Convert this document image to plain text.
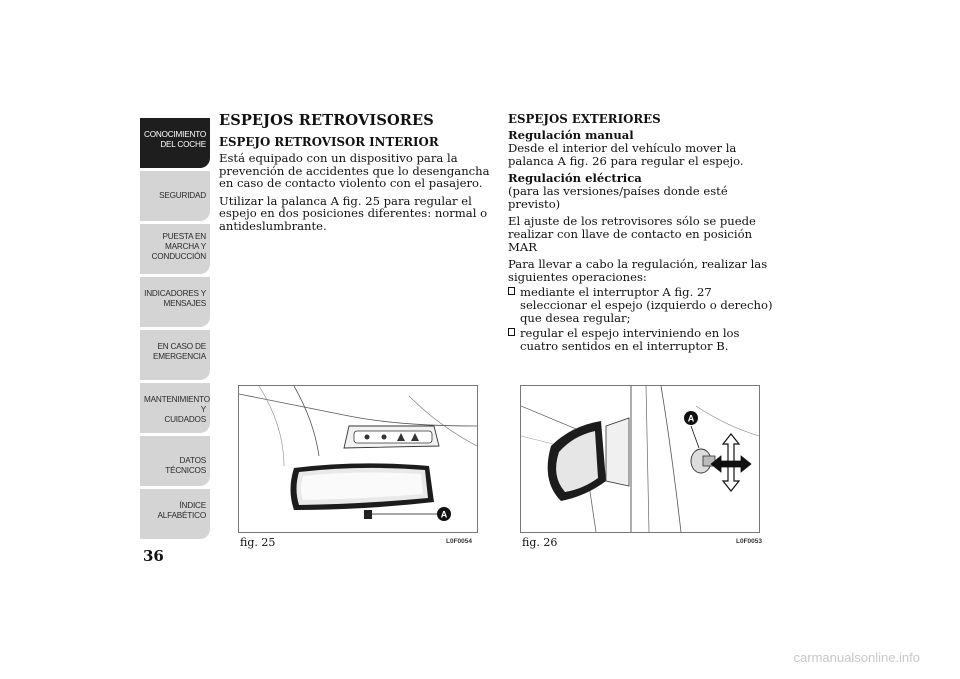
CONOCIMIENTO
DEL COCHE
SEGURIDAD
PUESTA EN
MARCHA Y
CONDUCCIÓN
INDICADORES Y
MENSAJES
EN CASO DE
EMERGENCIA
MANTENIMIENTO Y
CUIDADOS
DATOS TÉCNICOS
ÍNDICE
ALFABÉTICO
36
ESPEJOS RETROVISORES
ESPEJO RETROVISOR INTERIOR

Está equipado con un dispositivo para la prevención de accidentes que lo desengancha en caso de contacto violento con el pasajero.

Utilizar la palanca A fig. 25 para regular el espejo en dos posiciones diferentes: normal o antideslumbrante.

ESPEJOS EXTERIORES
Regulación manual

Desde el interior del vehículo mover la palanca A fig. 26 para regular el espejo.

Regulación eléctrica

(para las versiones/países donde esté previsto)

El ajuste de los retrovisores sólo se puede realizar con llave de contacto en posición MAR

Para llevar a cabo la regulación, realizar las siguientes operaciones:

mediante el interruptor A fig. 27 seleccionar el espejo (izquierdo o derecho) que desea regular;
regular el espejo interviniendo en los cuatro sentidos en el interruptor B.
A
fig. 25	L0F0054
A
fig. 26	L0F0053
carmanualsonline.info
